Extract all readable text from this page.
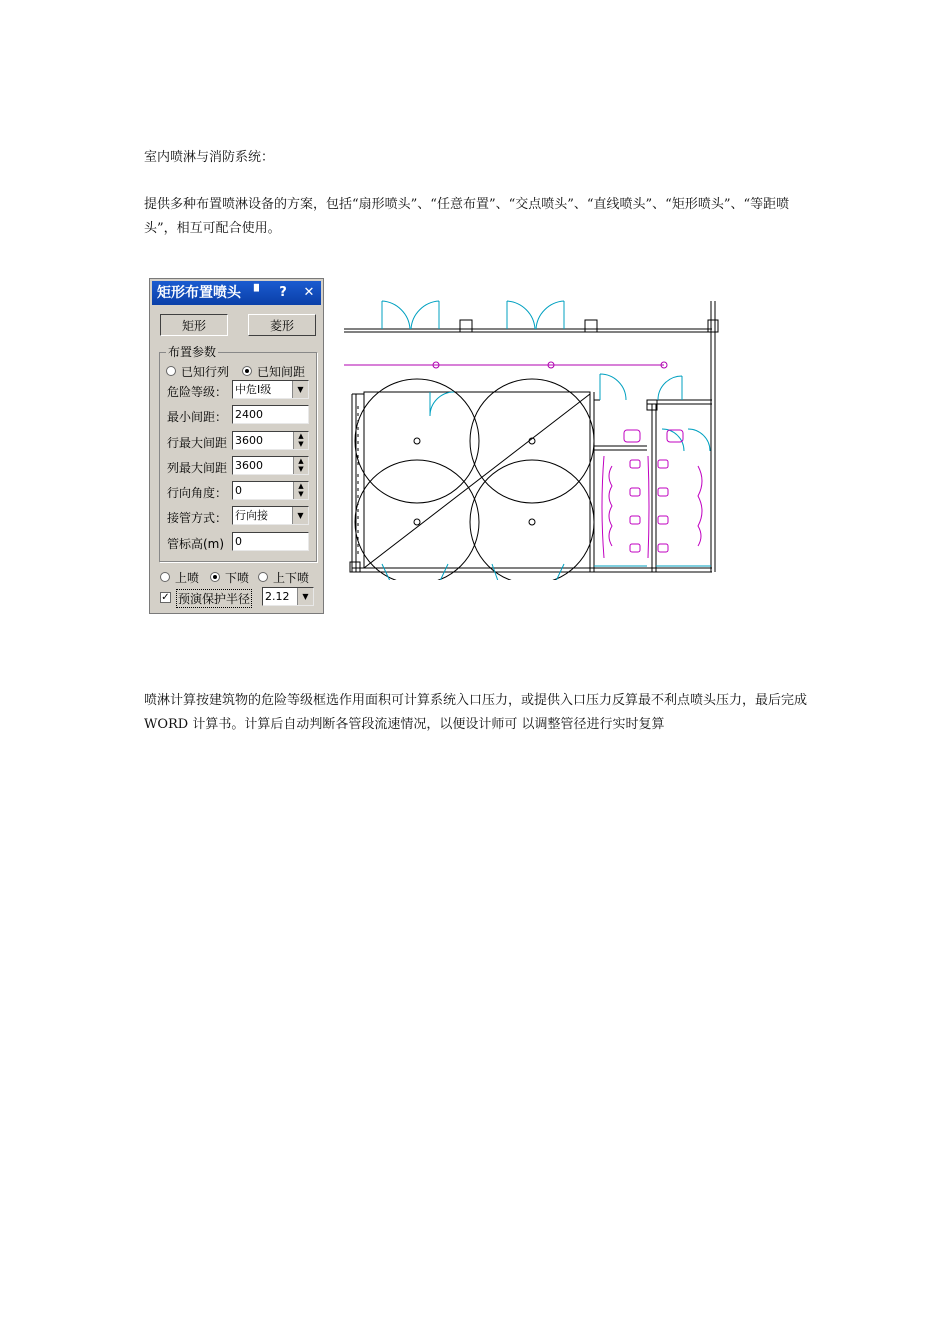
室内喷淋与消防系统：

提供多种布置喷淋设备的方案，包括“扇形喷头”、“任意布置”、“交点喷头”、“直线喷头”、“矩形喷头”、“等距喷头”，相互可配合使用。

矩形布置喷头	▘	?	✕
矩形	菱形
布置参数
已知行列 已知间距
危险等级： 中危Ⅰ级	▼
最小间距： 2400
行最大间距 3600	▲
▼
列最大间距 3600	▲
▼
行向角度： 0	▲
▼
接管方式： 行向接	▼
管标高(m) 0
上喷 下喷 上下喷
✓ 预演保护半径 2.12	▼

喷淋计算按建筑物的危险等级框选作用面积可计算系统入口压力，或提供入口压力反算最不利点喷头压力，最后完成 WORD 计算书。计算后自动判断各管段流速情况，以便设计师可 以调整管径进行实时复算
